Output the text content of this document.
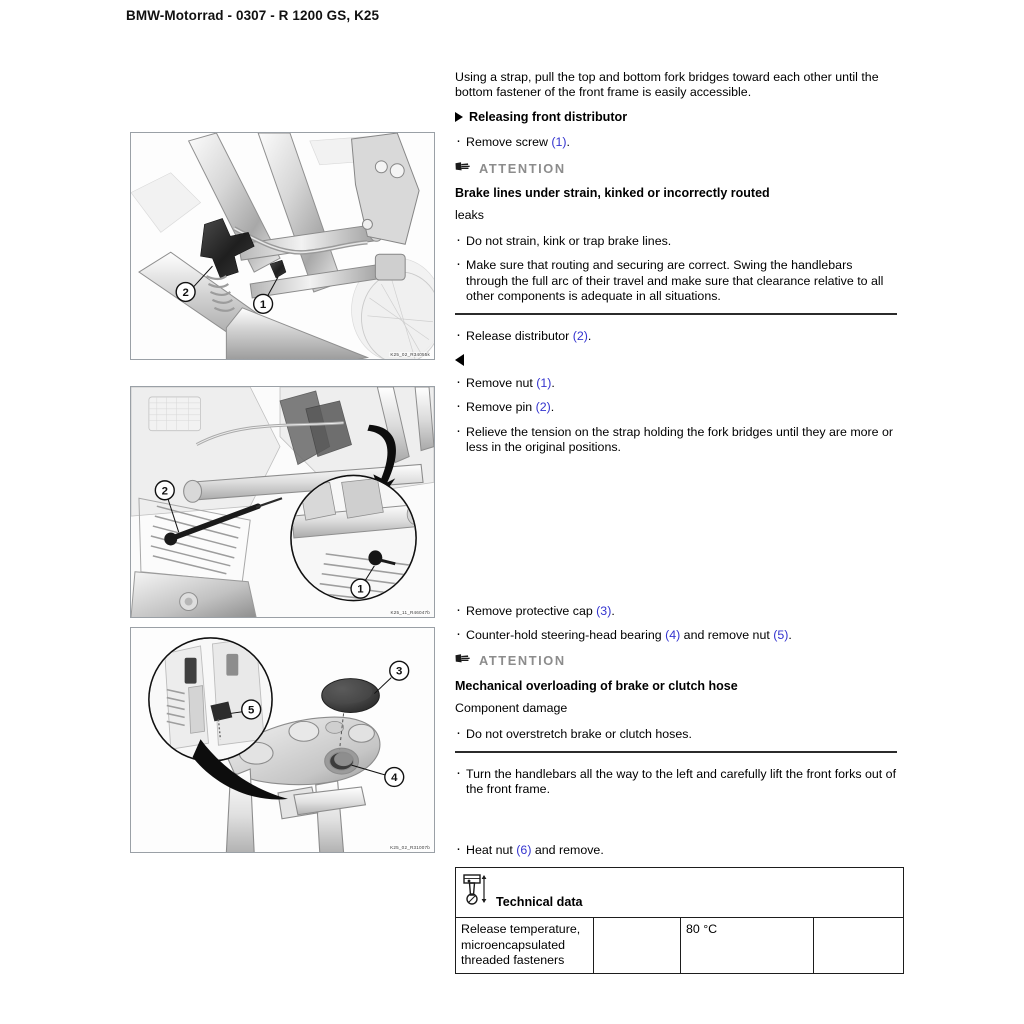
BMW-Motorrad - 0307 - R 1200 GS, K25
2
1
K25_02_R34055k
1
2
K25_11_R46047b
5
3
4
K25_02_R31007b

Using a strap, pull the top and bottom fork bridges toward each other until the bottom fastener of the front frame is easily accessible.

Releasing front distributor
· Remove screw (1).
ATTENTION

Brake lines under strain, kinked or incorrectly routed

leaks

· Do not strain, kink or trap brake lines.
· Make sure that routing and securing are correct. Swing the handlebars through the full arc of their travel and make sure that clearance relative to all other components is adequate in all situations.
· Release distributor (2).
· Remove nut (1).
· Remove pin (2).
· Relieve the tension on the strap holding the fork bridges until they are more or less in the original positions.
· Remove protective cap (3).
· Counter-hold steering-head bearing (4) and remove nut (5).
ATTENTION

Mechanical overloading of brake or clutch hose

Component damage

· Do not overstretch brake or clutch hoses.
· Turn the handlebars all the way to the left and carefully lift the front forks out of the front frame.
· Heat nut (6) and remove.
Technical data

Release temperature, microencapsulated threaded fasteners		80 °C	
